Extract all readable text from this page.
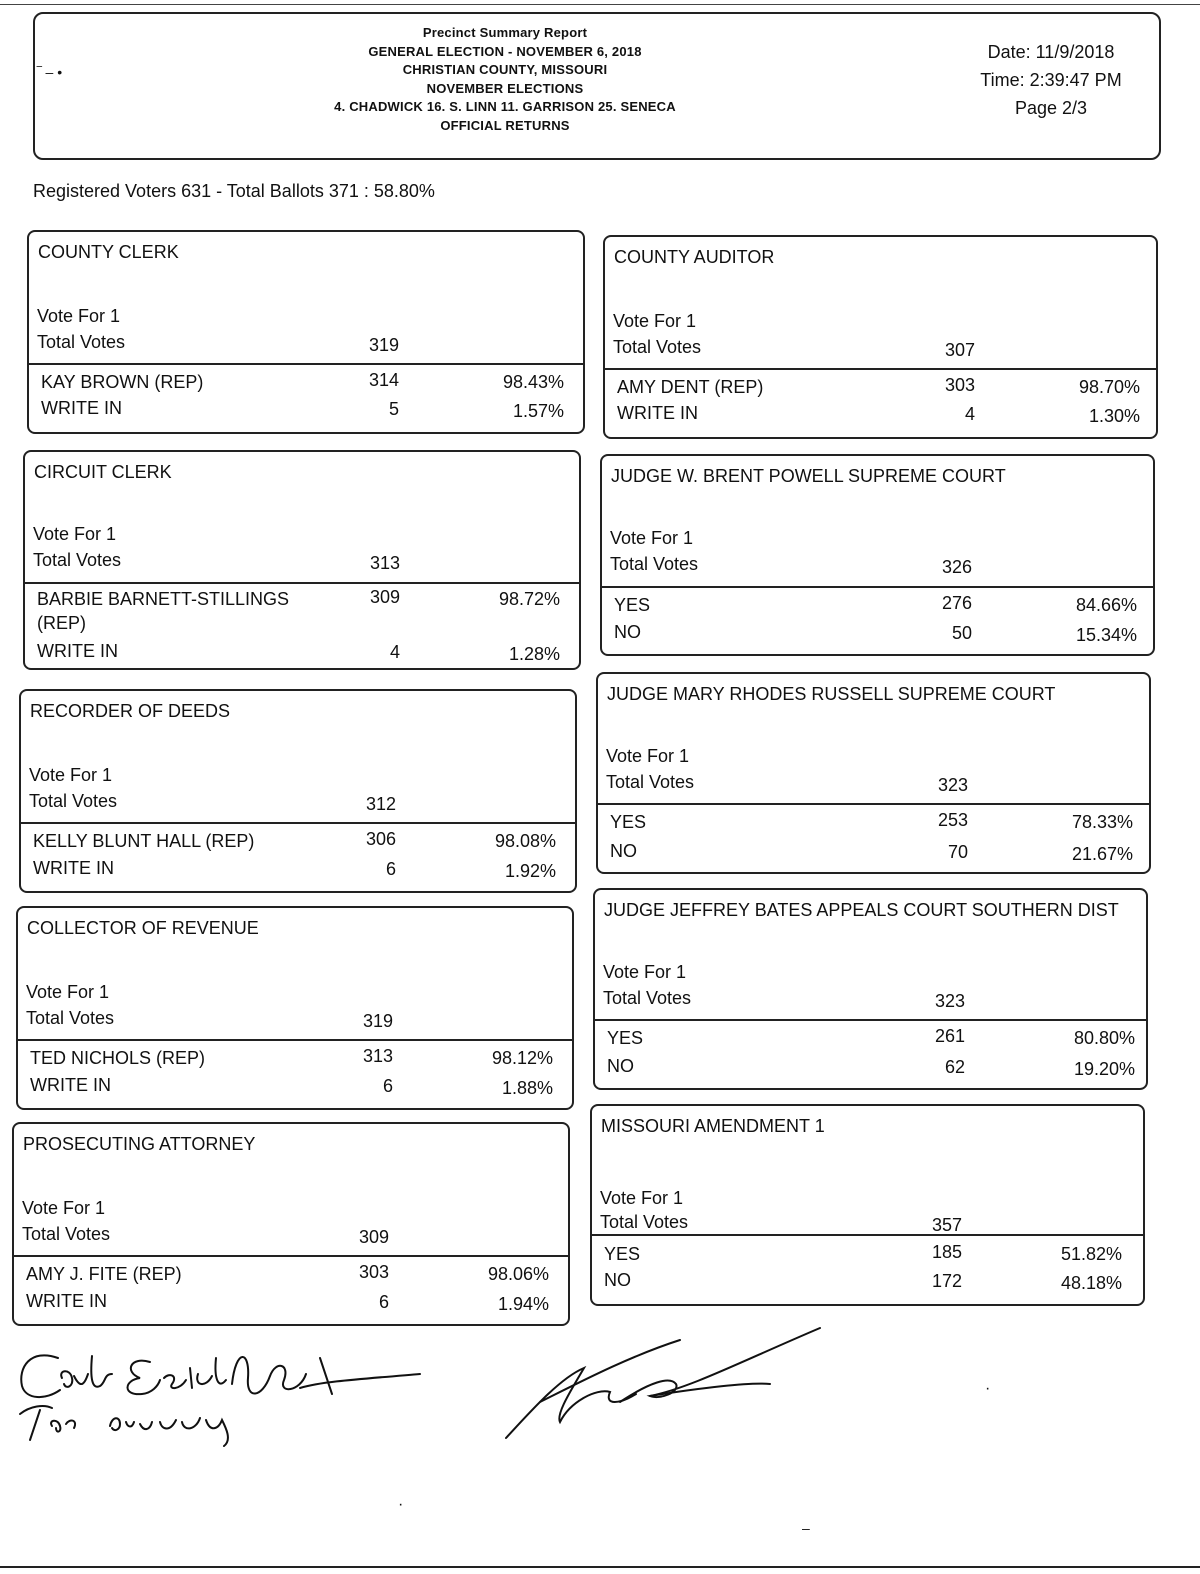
‾ – •
Precinct Summary Report
GENERAL ELECTION - NOVEMBER 6, 2018
CHRISTIAN COUNTY, MISSOURI
NOVEMBER ELECTIONS
4. CHADWICK 16. S. LINN 11. GARRISON 25. SENECA
OFFICIAL RETURNS
Date: 11/9/2018
Time: 2:39:47 PM
Page 2/3
Registered Voters 631 - Total Ballots 371 : 58.80%
COUNTY CLERK
Vote For 1
Total Votes	319
KAY BROWN (REP)	314	98.43%
WRITE IN	5	1.57%
COUNTY AUDITOR
Vote For 1
Total Votes	307
AMY DENT (REP)	303	98.70%
WRITE IN	4	1.30%
CIRCUIT CLERK
Vote For 1
Total Votes	313
BARBIE BARNETT-STILLINGS
(REP)
309	98.72%
WRITE IN	4	1.28%
JUDGE W. BRENT POWELL SUPREME COURT
Vote For 1
Total Votes	326
YES	276	84.66%
NO	50	15.34%
RECORDER OF DEEDS
Vote For 1
Total Votes	312
KELLY BLUNT HALL (REP)	306	98.08%
WRITE IN	6	1.92%
JUDGE MARY RHODES RUSSELL SUPREME COURT
Vote For 1
Total Votes	323
YES	253	78.33%
NO	70	21.67%
COLLECTOR OF REVENUE
Vote For 1
Total Votes	319
TED NICHOLS (REP)	313	98.12%
WRITE IN	6	1.88%
JUDGE JEFFREY BATES APPEALS COURT SOUTHERN DIST
Vote For 1
Total Votes	323
YES	261	80.80%
NO	62	19.20%
PROSECUTING ATTORNEY
Vote For 1
Total Votes	309
AMY J. FITE (REP)	303	98.06%
WRITE IN	6	1.94%
MISSOURI AMENDMENT 1
Vote For 1
Total Votes	357
YES	185	51.82%
NO	172	48.18%
·
·
–
